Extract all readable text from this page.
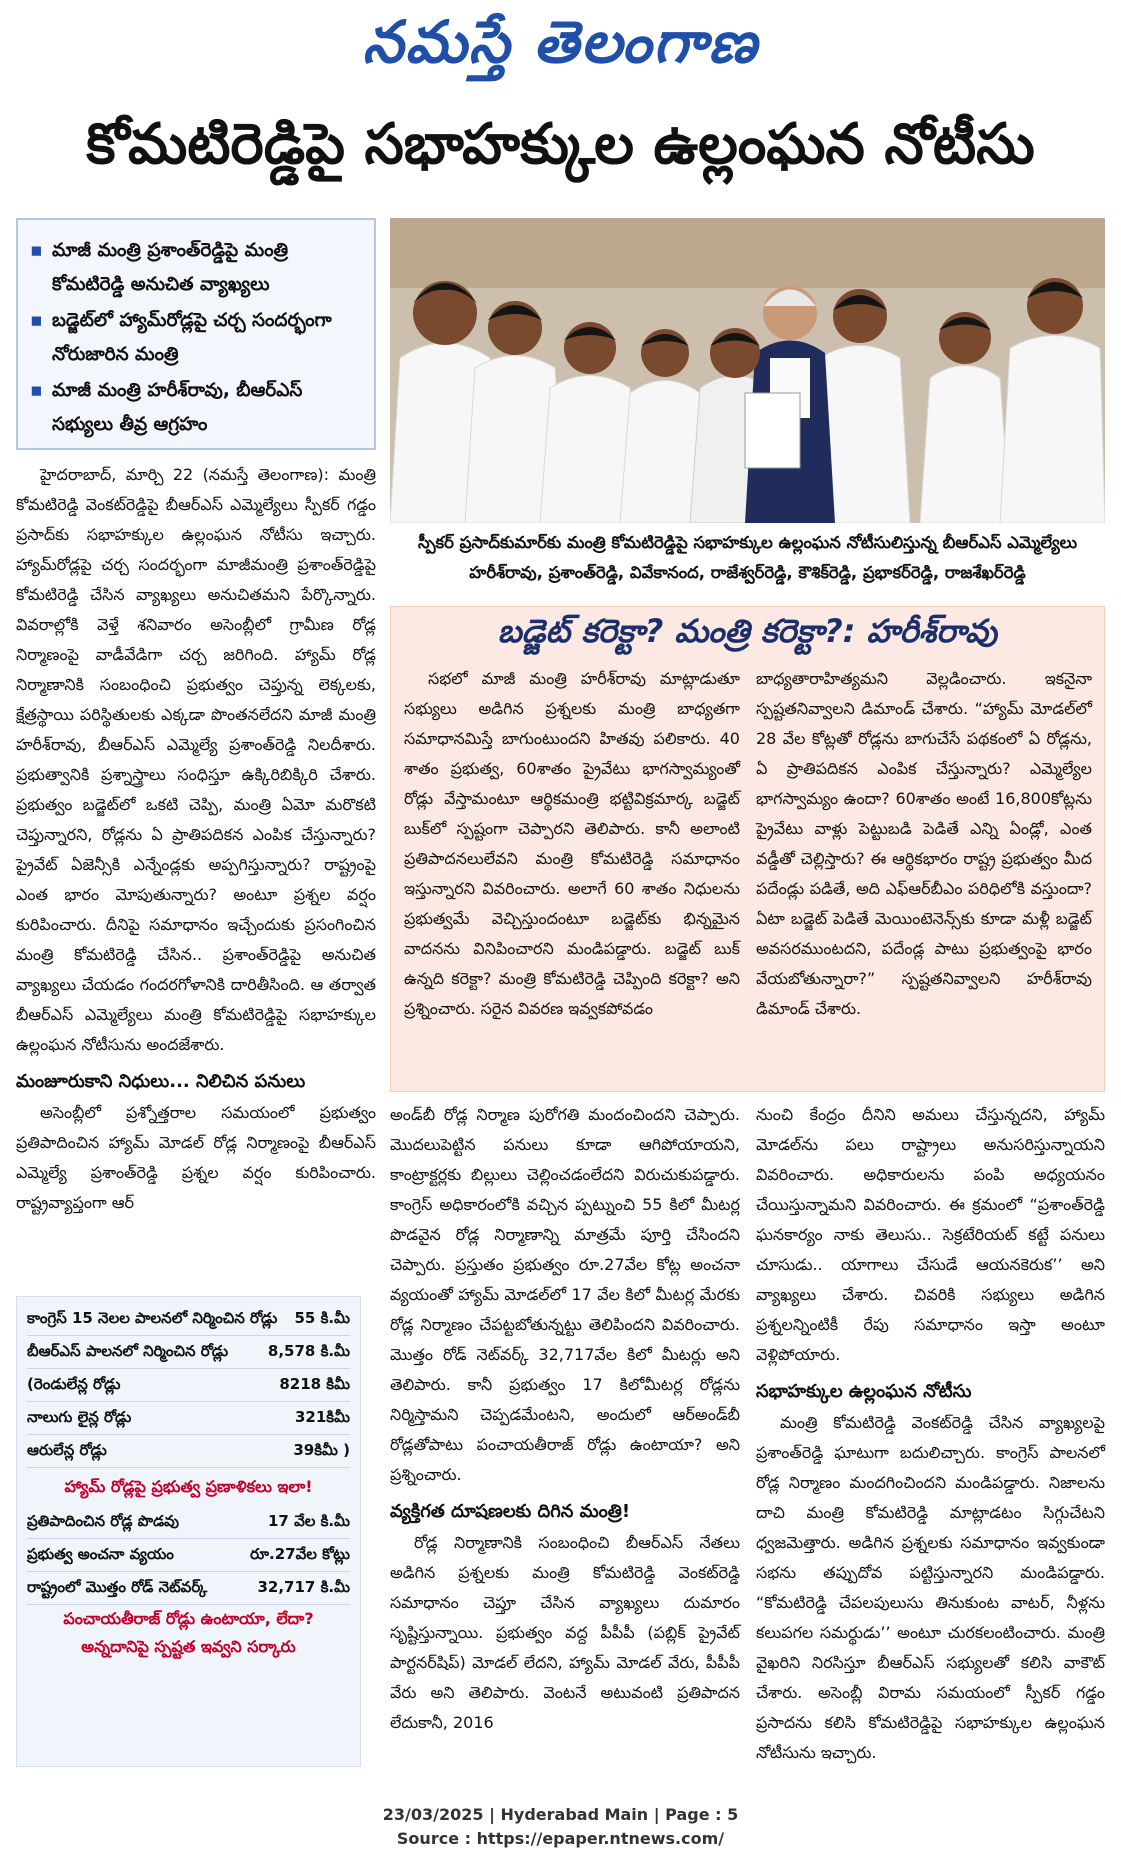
నమస్తే తెలంగాణ
కోమటిరెడ్డిపై సభాహక్కుల ఉల్లంఘన నోటీసు
▪ మాజీ మంత్రి ప్రశాంత్‌రెడ్డిపై మంత్రి కోమటిరెడ్డి అనుచిత వ్యాఖ్యలు
▪ బడ్జెట్‌లో హ్యామ్‌రోడ్లపై చర్చ సందర్భంగా నోరుజారిన మంత్రి
▪ మాజీ మంత్రి హరీశ్‌రావు, బీఆర్‌ఎస్ సభ్యులు తీవ్ర ఆగ్రహం

హైదరాబాద్, మార్చి 22 (నమస్తే తెలంగాణ): మంత్రి కోమటిరెడ్డి వెంకట్‌రెడ్డిపై బీఆర్‌ఎస్ ఎమ్మెల్యేలు స్పీకర్ గడ్డం ప్రసాద్‌కు సభాహక్కుల ఉల్లంఘన నోటీసు ఇచ్చారు. హ్యామ్‌రోడ్లపై చర్చ సందర్భంగా మాజీమంత్రి ప్రశాంత్‌రెడ్డిపై కోమటిరెడ్డి చేసిన వ్యాఖ్యలు అనుచితమని పేర్కొన్నారు. వివరాల్లోకి వెళ్తే శనివారం అసెంబ్లీలో గ్రామీణ రోడ్ల నిర్మాణంపై వాడీవేడిగా చర్చ జరిగింది. హ్యామ్ రోడ్ల నిర్మాణానికి సంబంధించి ప్రభుత్వం చెప్తున్న లెక్కలకు, క్షేత్రస్థాయి పరిస్థితులకు ఎక్కడా పొంతనలేదని మాజీ మంత్రి హరీశ్‌రావు, బీఆర్‌ఎస్ ఎమ్మెల్యే ప్రశాంత్‌రెడ్డి నిలదీశారు. ప్రభుత్వానికి ప్రశ్నాస్త్రాలు సంధిస్తూ ఉక్కిరిబిక్కిరి చేశారు. ప్రభుత్వం బడ్జెట్‌లో ఒకటి చెప్పి, మంత్రి ఏమో మరొకటి చెప్తున్నారని, రోడ్లను ఏ ప్రాతిపదికన ఎంపిక చేస్తున్నారు? ప్రైవేట్ ఏజెన్సీకి ఎన్నేండ్లకు అప్పగిస్తున్నారు? రాష్ట్రంపై ఎంత భారం మోపుతున్నారు? అంటూ ప్రశ్నల వర్షం కురిపించారు. దీనిపై సమాధానం ఇచ్చేందుకు ప్రసంగించిన మంత్రి కోమటిరెడ్డి చేసిన.. ప్రశాంత్‌రెడ్డిపై అనుచిత వ్యాఖ్యలు చేయడం గందరగోళానికి దారితీసింది. ఆ తర్వాత బీఆర్‌ఎస్ ఎమ్మెల్యేలు మంత్రి కోమటిరెడ్డిపై సభాహక్కుల ఉల్లంఘన నోటీసును అందజేశారు.

మంజూరుకాని నిధులు... నిలిచిన పనులు

అసెంబ్లీలో ప్రశ్నోత్తరాల సమయంలో ప్రభుత్వం ప్రతిపాదించిన హ్యామ్ మోడల్ రోడ్ల నిర్మాణంపై బీఆర్‌ఎస్ ఎమ్మెల్యే ప్రశాంత్‌రెడ్డి ప్రశ్నల వర్షం కురిపించారు. రాష్ట్రవ్యాప్తంగా ఆర్

స్పీకర్ ప్రసాద్‌కుమార్‌కు మంత్రి కోమటిరెడ్డిపై సభాహక్కుల ఉల్లంఘన నోటీసులిస్తున్న బీఆర్‌ఎస్ ఎమ్మెల్యేలు హరీశ్‌రావు, ప్రశాంత్‌రెడ్డి, వివేకానంద, రాజేశ్వర్‌రెడ్డి, కౌశిక్‌రెడ్డి, ప్రభాకర్‌రెడ్డి, రాజశేఖర్‌రెడ్డి
బడ్జెట్ కరెక్టా? మంత్రి కరెక్టా?: హరీశ్‌రావు

సభలో మాజీ మంత్రి హరీశ్‌రావు మాట్లాడుతూ సభ్యులు అడిగిన ప్రశ్నలకు మంత్రి బాధ్యతగా సమాధానమిస్తే బాగుంటుందని హితవు పలికారు. 40 శాతం ప్రభుత్వ, 60శాతం ప్రైవేటు భాగస్వామ్యంతో రోడ్లు వేస్తామంటూ ఆర్థికమంత్రి భట్టివిక్రమార్క బడ్జెట్ బుక్‌లో స్పష్టంగా చెప్పారని తెలిపారు. కానీ అలాంటి ప్రతిపాదనలులేవని మంత్రి కోమటిరెడ్డి సమాధానం ఇస్తున్నారని వివరించారు. అలాగే 60 శాతం నిధులను ప్రభుత్వమే వెచ్చిస్తుందంటూ బడ్జెట్‌కు భిన్నమైన వాదనను వినిపించారని మండిపడ్డారు. బడ్జెట్ బుక్ ఉన్నది కరెక్టా? మంత్రి కోమటిరెడ్డి చెప్పింది కరెక్టా? అని ప్రశ్నించారు. సరైన వివరణ ఇవ్వకపోవడం

బాధ్యతారాహిత్యమని వెల్లడించారు. ఇకనైనా స్పష్టతనివ్వాలని డిమాండ్ చేశారు. “హ్యామ్ మోడల్‌లో 28 వేల కోట్లతో రోడ్లను బాగుచేసే పథకంలో ఏ రోడ్లను, ఏ ప్రాతిపదికన ఎంపిక చేస్తున్నారు? ఎమ్మెల్యేల భాగస్వామ్యం ఉందా? 60శాతం అంటే 16,800కోట్లను ప్రైవేటు వాళ్లు పెట్టుబడి పెడితే ఎన్ని ఏండ్లో, ఎంత వడ్డీతో చెల్లిస్తారు? ఈ ఆర్థికభారం రాష్ట్ర ప్రభుత్వం మీద పదేండ్లు పడితే, అది ఎఫ్‌ఆర్‌బీఎం పరిధిలోకి వస్తుందా? ఏటా బడ్జెట్ పెడితే మెయింటెనెన్స్‌కు కూడా మళ్లీ బడ్జెట్ అవసరముంటదని, పదేండ్ల పాటు ప్రభుత్వంపై భారం వేయబోతున్నారా?” స్పష్టతనివ్వాలని హరీశ్‌రావు డిమాండ్ చేశారు.

అండ్‌బీ రోడ్ల నిర్మాణ పురోగతి మందంచిందని చెప్పారు. మొదలుపెట్టిన పనులు కూడా ఆగిపోయాయని, కాంట్రాక్టర్లకు బిల్లులు చెల్లించడంలేదని విరుచుకుపడ్డారు. కాంగ్రెస్ అధికారంలోకి వచ్చిన ప్పట్నుంచి 55 కిలో మీటర్ల పొడవైన రోడ్ల నిర్మాణాన్ని మాత్రమే పూర్తి చేసిందని చెప్పారు. ప్రస్తుతం ప్రభుత్వం రూ.27వేల కోట్ల అంచనా వ్యయంతో హ్యామ్ మోడల్‌లో 17 వేల కిలో మీటర్ల మేరకు రోడ్ల నిర్మాణం చేపట్టబోతున్నట్టు తెలిపిందని వివరించారు. మొత్తం రోడ్ నెట్‌వర్క్ 32,717వేల కిలో మీటర్లు అని తెలిపారు. కానీ ప్రభుత్వం 17 కిలోమీటర్ల రోడ్లను నిర్మిస్తామని చెప్పడమేంటని, అందులో ఆర్‌అండ్‌బీ రోడ్లతోపాటు పంచాయతీరాజ్ రోడ్లు ఉంటాయా? అని ప్రశ్నించారు.

వ్యక్తిగత దూషణలకు దిగిన మంత్రి!

రోడ్ల నిర్మాణానికి సంబంధించి బీఆర్‌ఎస్ నేతలు అడిగిన ప్రశ్నలకు మంత్రి కోమటిరెడ్డి వెంకట్‌రెడ్డి సమాధానం చెప్తూ చేసిన వ్యాఖ్యలు దుమారం సృష్టిస్తున్నాయి. ప్రభుత్వం వద్ద పీపీపీ (పబ్లిక్ ప్రైవేట్ పార్టనర్‌షిప్) మోడల్ లేదని, హ్యామ్ మోడల్ వేరు, పీపీపీ వేరు అని తెలిపారు. వెంటనే అటువంటి ప్రతిపాదన లేదుకానీ, 2016

నుంచి కేంద్రం దీనిని అమలు చేస్తున్నదని, హ్యామ్ మోడల్‌ను పలు రాష్ట్రాలు అనుసరిస్తున్నాయని వివరించారు. అధికారులను పంపి అధ్యయనం చేయిస్తున్నామని వివరించారు. ఈ క్రమంలో “ప్రశాంత్‌రెడ్డి ఘనకార్యం నాకు తెలుసు.. సెక్రటేరియట్ కట్టే పనులు చూసుడు.. యాగాలు చేసుడే ఆయనకెరుక’’ అని వ్యాఖ్యలు చేశారు. చివరికి సభ్యులు అడిగిన ప్రశ్నలన్నింటికీ రేపు సమాధానం ఇస్తా అంటూ వెళ్లిపోయారు.

సభాహక్కుల ఉల్లంఘన నోటీసు

మంత్రి కోమటిరెడ్డి వెంకట్‌రెడ్డి చేసిన వ్యాఖ్యలపై ప్రశాంత్‌రెడ్డి ఘాటుగా బదులిచ్చారు. కాంగ్రెస్ పాలనలో రోడ్ల నిర్మాణం మందగించిందని మండిపడ్డారు. నిజాలను దాచి మంత్రి కోమటిరెడ్డి మాట్లాడటం సిగ్గుచేటని ధ్వజమెత్తారు. అడిగిన ప్రశ్నలకు సమాధానం ఇవ్వకుండా సభను తప్పుదోవ పట్టిస్తున్నారని మండిపడ్డారు. “కోమటిరెడ్డి చేపలపులుసు తినుకుంట వాటర్, నీళ్లను కలుపగల సమర్థుడు’’ అంటూ చురకలంటించారు. మంత్రి వైఖరిని నిరసిస్తూ బీఆర్‌ఎస్ సభ్యులతో కలిసి వాకౌట్ చేశారు. అసెంబ్లీ విరామ సమయంలో స్పీకర్ గడ్డం ప్రసాదను కలిసి కోమటిరెడ్డిపై సభాహక్కుల ఉల్లంఘన నోటీసును ఇచ్చారు.

కాంగ్రెస్ 15 నెలల పాలనలో నిర్మించిన రోడ్లు	55 కి.మీ
బీఆర్‌ఎస్ పాలనలో నిర్మించిన రోడ్లు	8,578 కి.మీ
(రెండులేన్ల రోడ్లు	8218 కిమీ
నాలుగు లైన్ల రోడ్లు	321కిమీ
ఆరులేన్ల రోడ్లు	39కిమీ )
హ్యామ్ రోడ్లపై ప్రభుత్వ ప్రణాళికలు ఇలా!
ప్రతిపాదించిన రోడ్ల పొడవు	17 వేల కి.మీ
ప్రభుత్వ అంచనా వ్యయం	రూ.27వేల కోట్లు
రాష్ట్రంలో మొత్తం రోడ్ నెట్‌వర్క్	32,717 కి.మీ
పంచాయతీరాజ్ రోడ్లు ఉంటాయా, లేదా? అన్నదానిపై స్పష్టత ఇవ్వని సర్కారు
23/03/2025 | Hyderabad Main | Page : 5
Source : https://epaper.ntnews.com/
